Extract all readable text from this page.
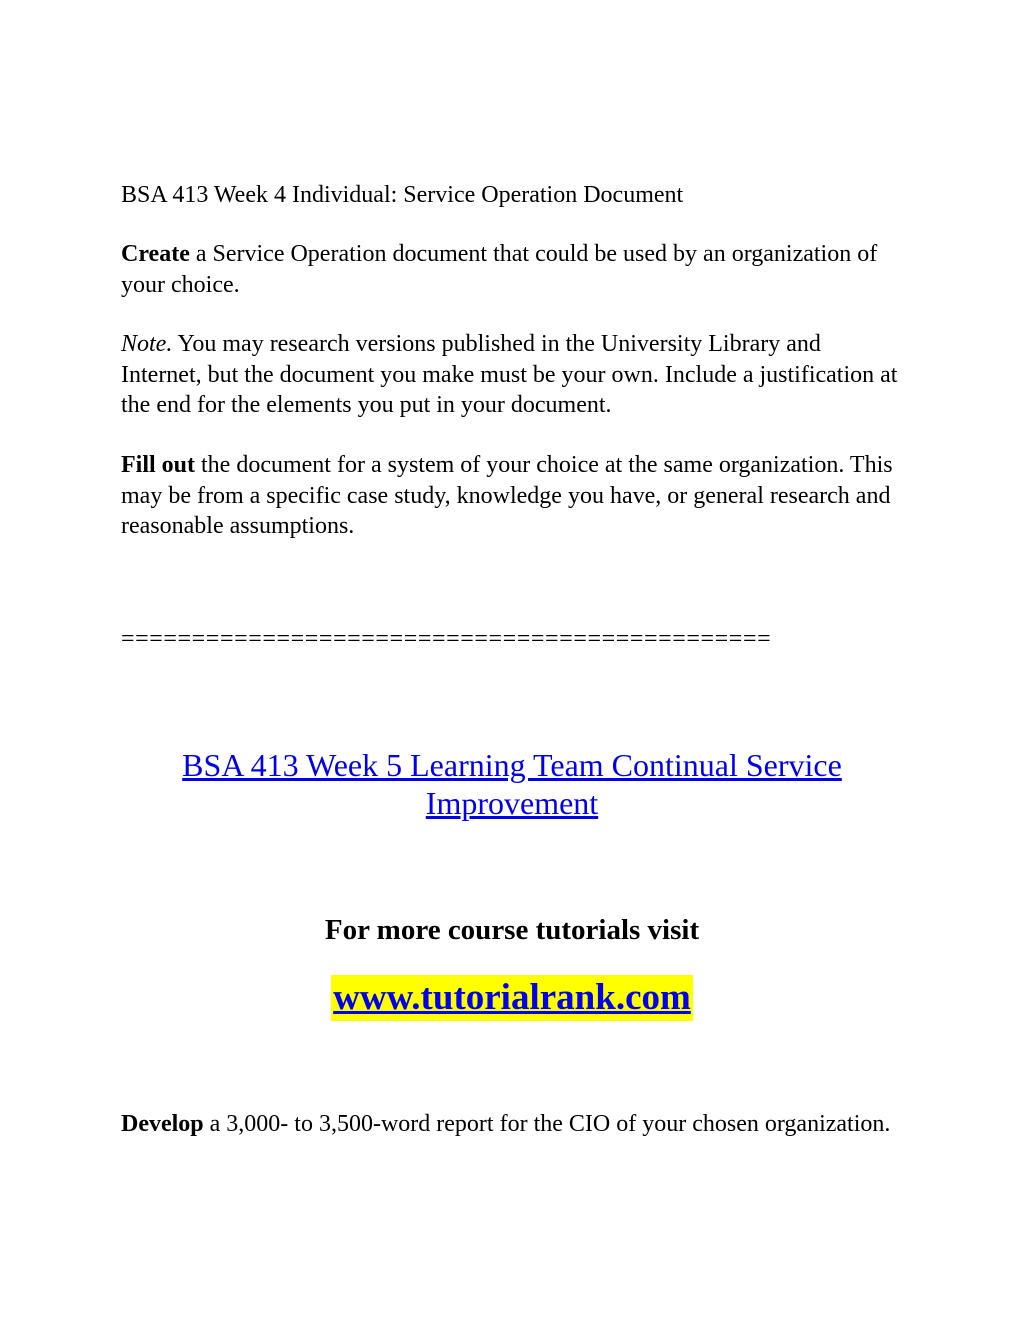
BSA 413 Week 4 Individual: Service Operation Document

Create a Service Operation document that could be used by an organization of your choice.

Note. You may research versions published in the University Library and Internet, but the document you make must be your own. Include a justification at the end for the elements you put in your document.

Fill out the document for a system of your choice at the same organization. This may be from a specific case study, knowledge you have, or general research and reasonable assumptions.

==============================================
BSA 413 Week 5 Learning Team Continual Service Improvement
For more course tutorials visit
www.tutorialrank.com

Develop a 3,000- to 3,500-word report for the CIO of your chosen organization.
